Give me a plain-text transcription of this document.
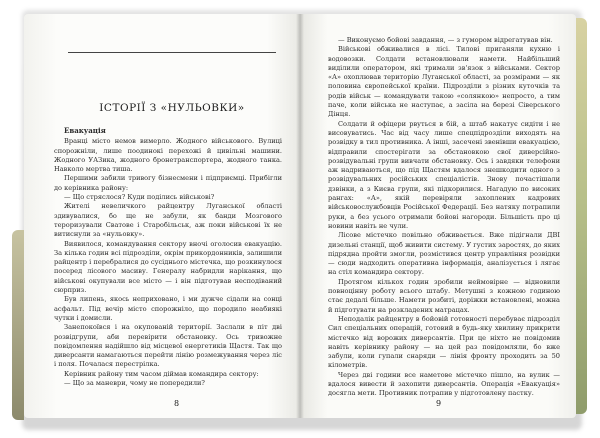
ІСТОРІЇ З «НУЛЬОВКИ»

Евакуація

Вранці місто немов вимерло. Жодного військового. Вулиці спорожніли, лише поодинокі перехожі й цивільні машини. Жодного УАЗика, жодного бронетранспортера, жодного танка. Навколо мертва тиша.

Першими забили тривогу бізнесмени і підприємці. Прибігли до керівника району:

— Що стряслося? Куди поділись військові?

Жителі невеличкого райцентру Луганської області здивувалися, бо ще не забули, як банди Мозгового тероризували Сватове і Старобільськ, аж поки військові їх не витиснули за «нульовку».

Виявилося, командування сектору вночі оголосив евакуацію. За кілька годин всі підрозділи, окрім прикордонників, залишили райцентр і перебралися до сусіднього містечка, що розкинулося посеред лісового масиву. Генералу набридли нарікання, що військові окупували все місто — і він підготував несподіваний сюрприз.

Був липень, якось неприховано, і ми дужче сідали на сонці асфальт. Під вечір місто спорожніло, що породило неабиякі чутки і домисли.

Занепокоївся і на окупованій території. Заслали в піт дві розвідгрупи, аби перевірити обстановку. Ось тривожне повідомлення надійшло від місцевої енергетиків Щастя. Так що диверсанти намагаються перейти лінію розмежування через ліс і поля. Почалася перестрілка.

Керівник району тим часом діймав командира сектору:

— Що за маневри, чому не попередили?

8

— Виконуємо бойові завдання, — з гумором відрегатував він.

Військові обживалися в лісі. Тилові приганяли кухню і водовозки. Солдати встановлювали намети. Найбільший виділили оператором, які тримали зв'язок з військами. Сектор «А» охоплював територію Луганської області, за розмірами — як половина європейської країни. Підрозділи з різних куточків та родів військ — командувати такою «солянкою» непросто, а тим паче, коли війська не наступає, а засіла на березі Сіверського Дінця.

Солдати й офіцери рвуться в бій, а штаб накатує сидіти і не висовуватись. Час від часу лише спецпідрозділи виходять на розвідку в тил противника. А інші, засечені звенівши евакуацією, відправили спостерігати за обстановкою свої диверсійно-розвідувальні групи вивчати обстановку. Ось і завдяки телефони аж надриваються, що під Щастям вдалося знешкодити одного з розвідувальних російських спеціалістів. Знову почастішали дзвінки, а з Києва групи, які підкорилися. Нагадую по високих рангах: «А», якій перевіряли захоплених кадрових військовослужбовців Російської Федерації. Без натяку потрапили руки, а без усього отримали бойові нагороди. Більшість про ці новини навіть не чули.

Лісове містечко повільно обживається. Вже підігнали ДВІ дизельні станції, щоб живити систему. У густих заростях, до яких підрядна пройти змогли, розмістився центр управління розвідки — сюди надходить оперативна інформація, аналізується і лягає на стіл командира сектору.

Протягом кількох годин зробили неймовірне — відновили повноцінну роботу всього штабу. Метушні з кожною годиною стає дедалі більше. Намети розбиті, доріжки встановлені, можна й підготувати на розкладених матрацах.

Неподалік райцентру в бойовій готовності перебуває підрозділ Сил спеціальних операцій, готовий в будь-яку хвилину прикрити містечко від ворожих диверсантів. При це ніхто не повідомив навіть керівнику району — на цей раз повідомляли, бо вже забули, коли гупали снаряди — лінія фронту проходить за 50 кілометрів.

Через дві години все наметове містечко пішло, на вулик — вдалося вивести й захопити диверсантів. Операція «Евакуація» досягла мети. Противник потрапив у підготовлену пастку.

9
